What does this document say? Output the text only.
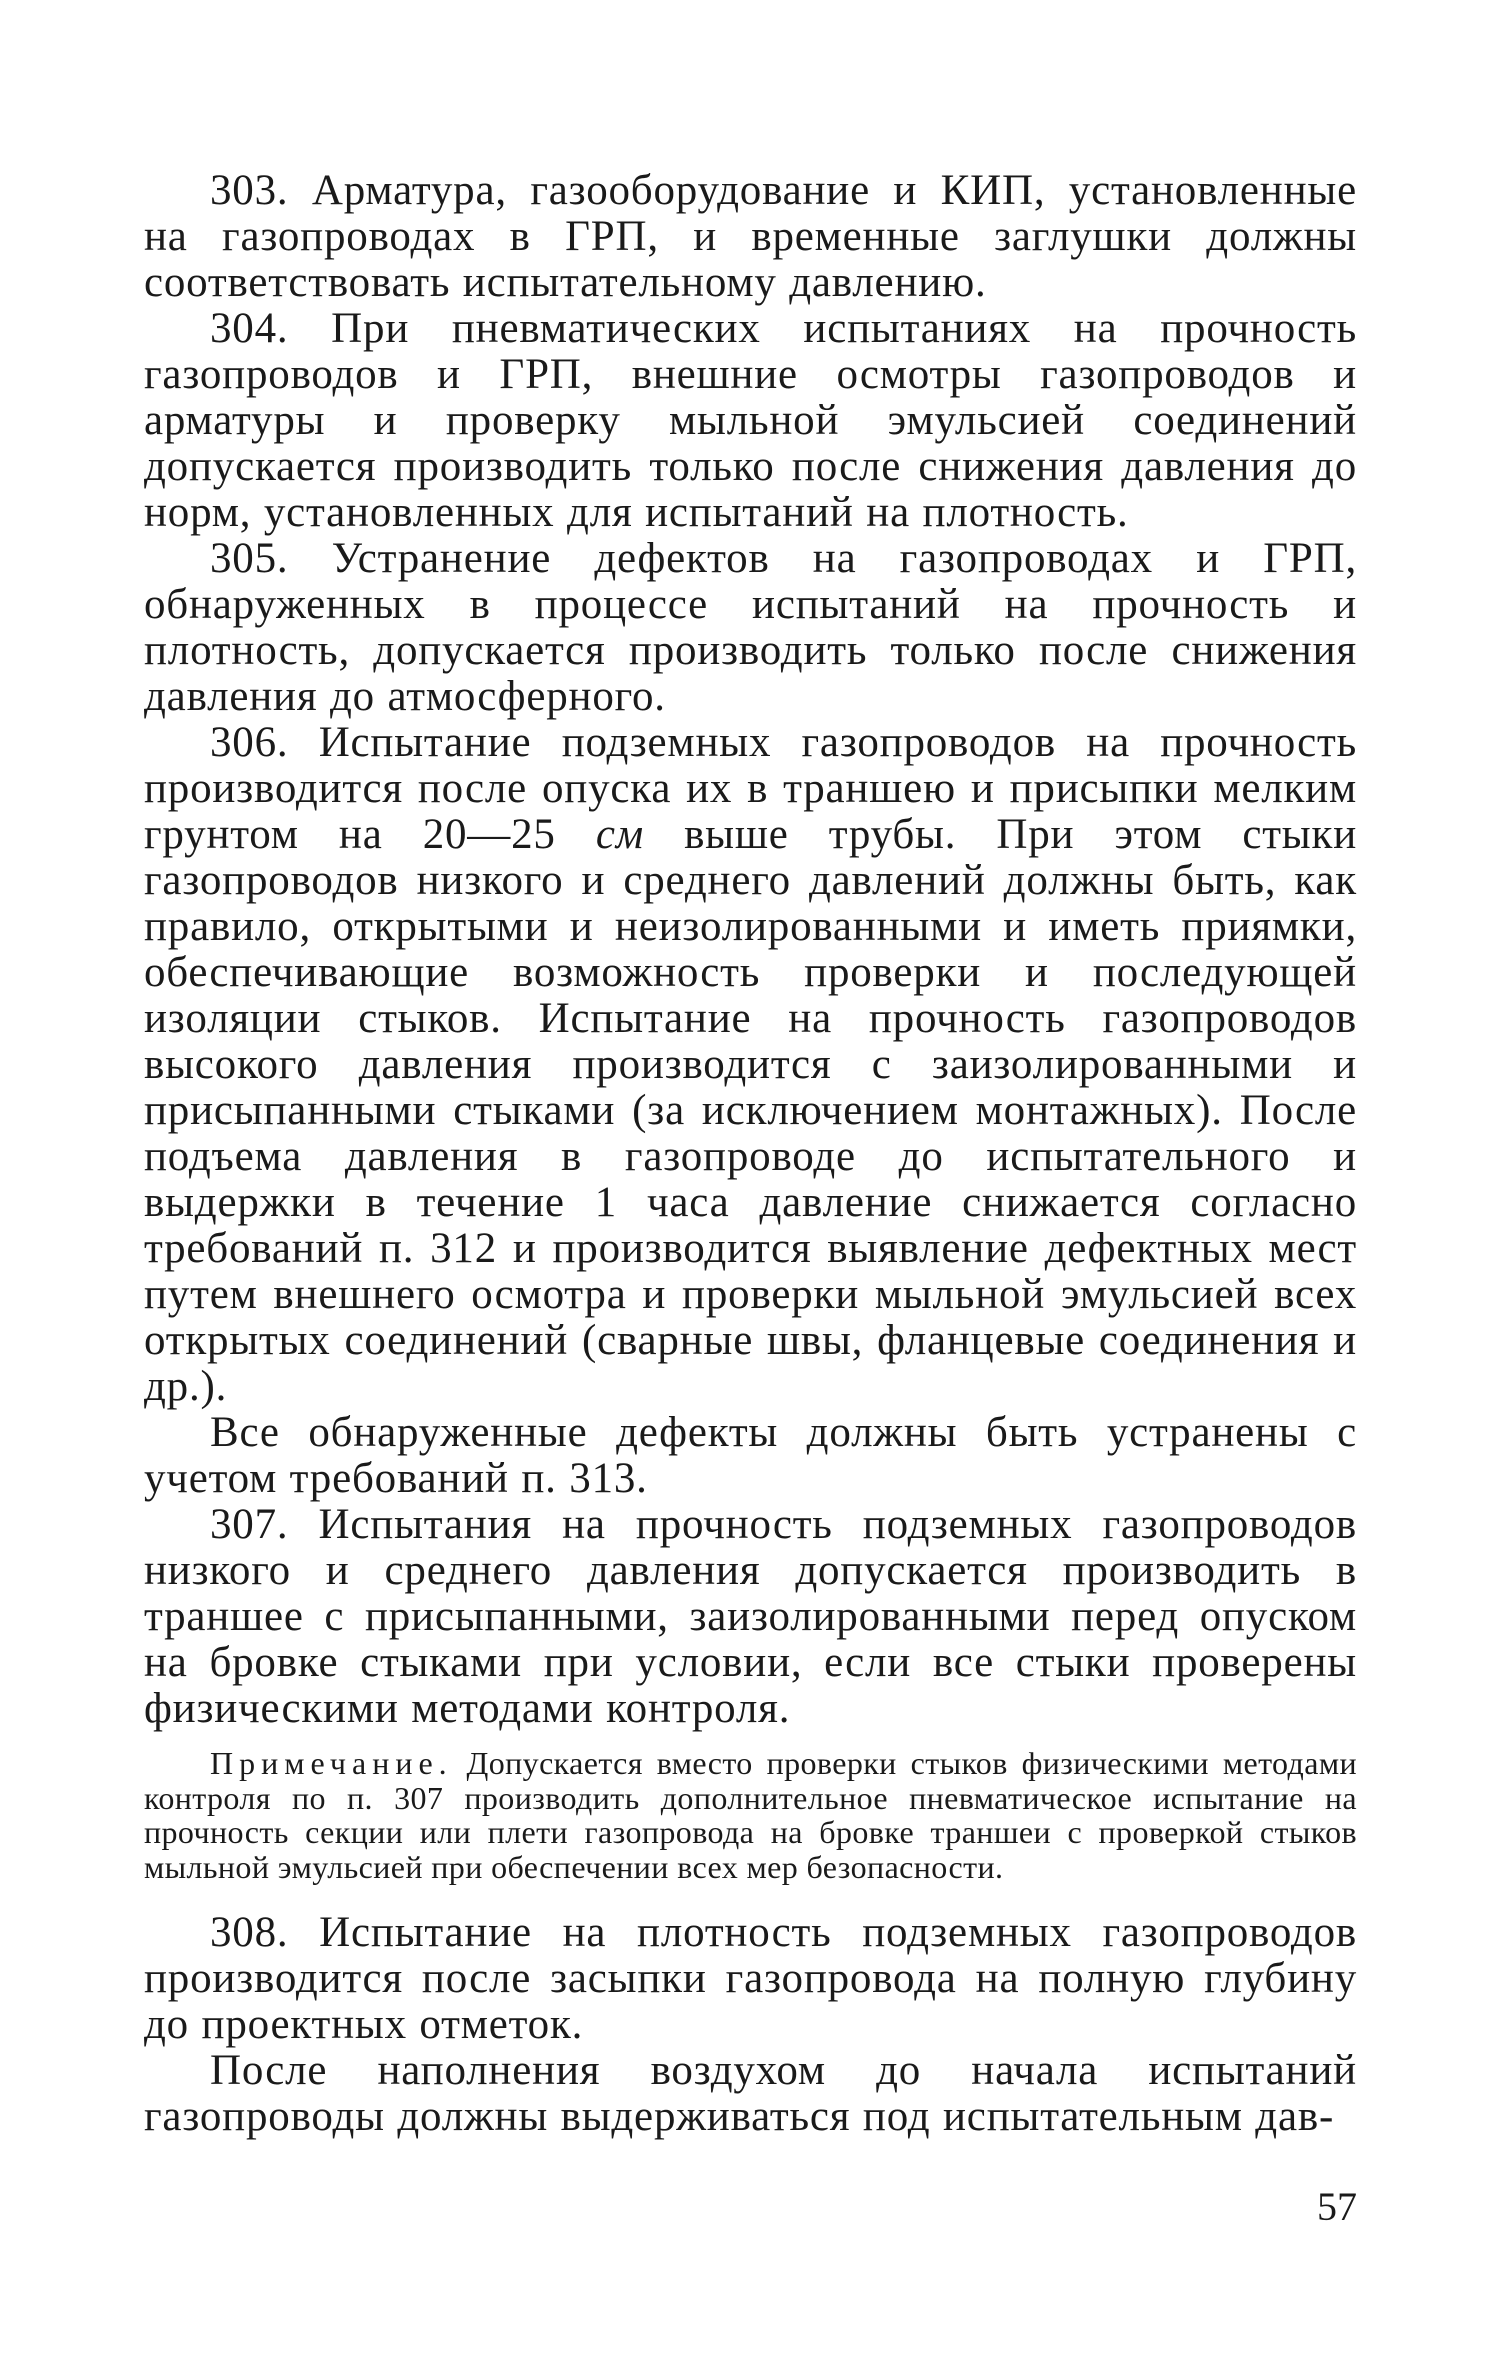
303. Арматура, газооборудование и КИП, установленные на газопроводах в ГРП, и временные заглушки должны соответствовать испытательному давлению.

304. При пневматических испытаниях на прочность газопроводов и ГРП, внешние осмотры газопроводов и арматуры и проверку мыльной эмульсией соединений допускается производить только после снижения давления до норм, установленных для испытаний на плотность.

305. Устранение дефектов на газопроводах и ГРП, обнаруженных в процессе испытаний на прочность и плотность, допускается производить только после снижения давления до атмосферного.

306. Испытание подземных газопроводов на прочность производится после опуска их в траншею и присыпки мелким грунтом на 20—25 см выше трубы. При этом стыки газопроводов низкого и среднего давлений должны быть, как правило, открытыми и неизолированными и иметь приямки, обеспечивающие возможность проверки и последующей изоляции стыков. Испытание на прочность газопроводов высокого давления производится с заизолированными и присыпанными стыками (за исключением монтажных). После подъема давления в газопроводе до испытательного и выдержки в течение 1 часа давление снижается согласно требований п. 312 и производится выявление дефектных мест путем внешнего осмотра и проверки мыльной эмульсией всех открытых соединений (сварные швы, фланцевые соединения и др.).

Все обнаруженные дефекты должны быть устранены с учетом требований п. 313.

307. Испытания на прочность подземных газопроводов низкого и среднего давления допускается производить в траншее с присыпанными, заизолированными перед опуском на бровке стыками при условии, если все стыки проверены физическими методами контроля.

Примечание. Допускается вместо проверки стыков физическими методами контроля по п. 307 производить дополнительное пневматическое испытание на прочность секции или плети газопровода на бровке траншеи с проверкой стыков мыльной эмульсией при обеспечении всех мер безопасности.

308. Испытание на плотность подземных газопроводов производится после засыпки газопровода на полную глубину до проектных отметок.

После наполнения воздухом до начала испытаний газопроводы должны выдерживаться под испытательным дав-

57
